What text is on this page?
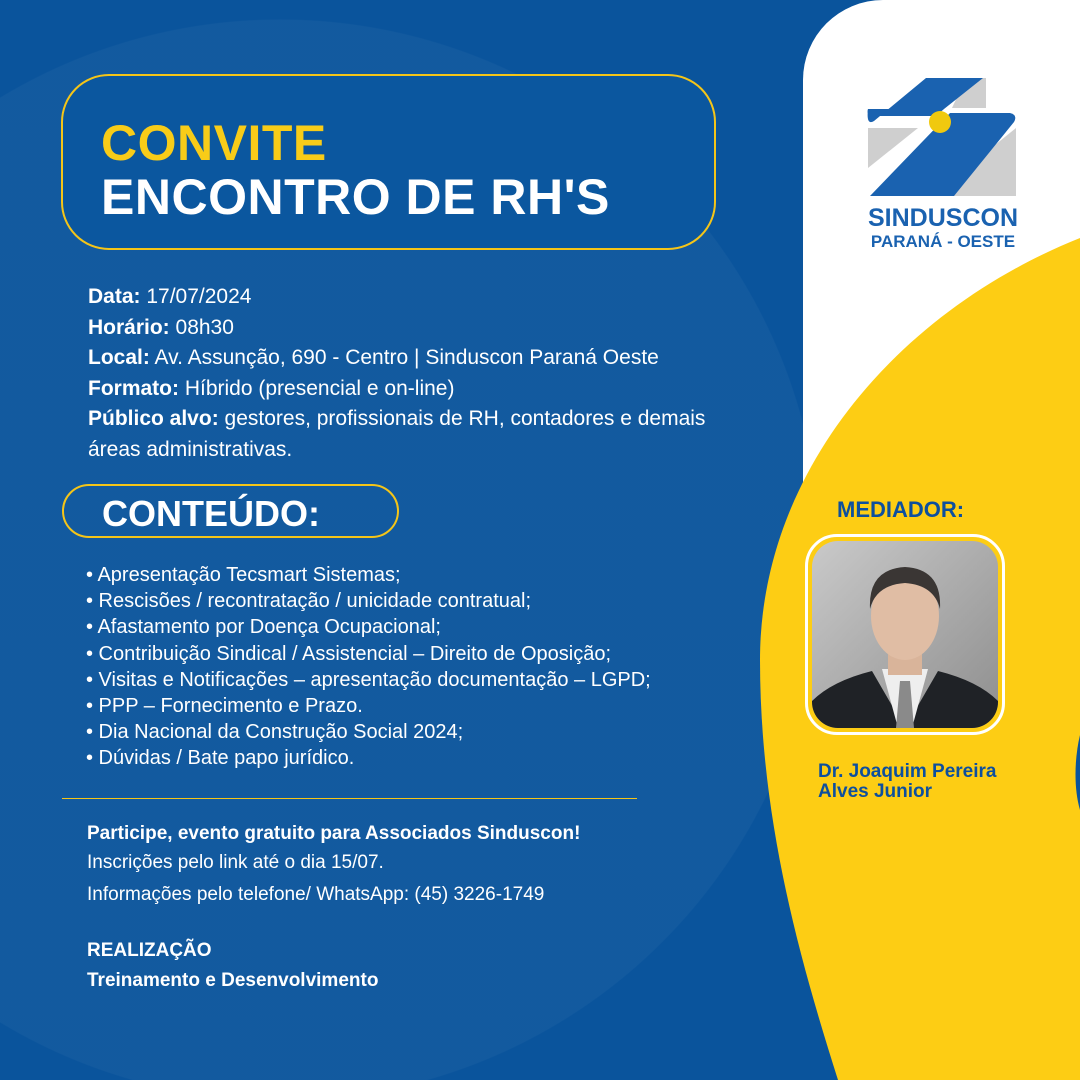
CONVITE
ENCONTRO DE RH'S
Data: 17/07/2024
Horário: 08h30
Local: Av. Assunção, 690 - Centro | Sinduscon Paraná Oeste
Formato: Híbrido (presencial e on-line)
Público alvo: gestores, profissionais de RH, contadores e demais áreas administrativas.
CONTEÚDO:
• Apresentação Tecsmart Sistemas;
• Rescisões / recontratação / unicidade contratual;
• Afastamento por Doença Ocupacional;
• Contribuição Sindical / Assistencial – Direito de Oposição;
• Visitas e Notificações – apresentação documentação – LGPD;
• PPP – Fornecimento e Prazo.
• Dia Nacional da Construção Social 2024;
• Dúvidas / Bate papo jurídico.
Participe, evento gratuito para Associados Sinduscon!
Inscrições pelo link até o dia 15/07.
Informações pelo telefone/ WhatsApp: (45) 3226-1749
REALIZAÇÃO
Treinamento e Desenvolvimento
SINDUSCON
PARANÁ - OESTE
MEDIADOR:
Dr. Joaquim Pereira
Alves Junior
